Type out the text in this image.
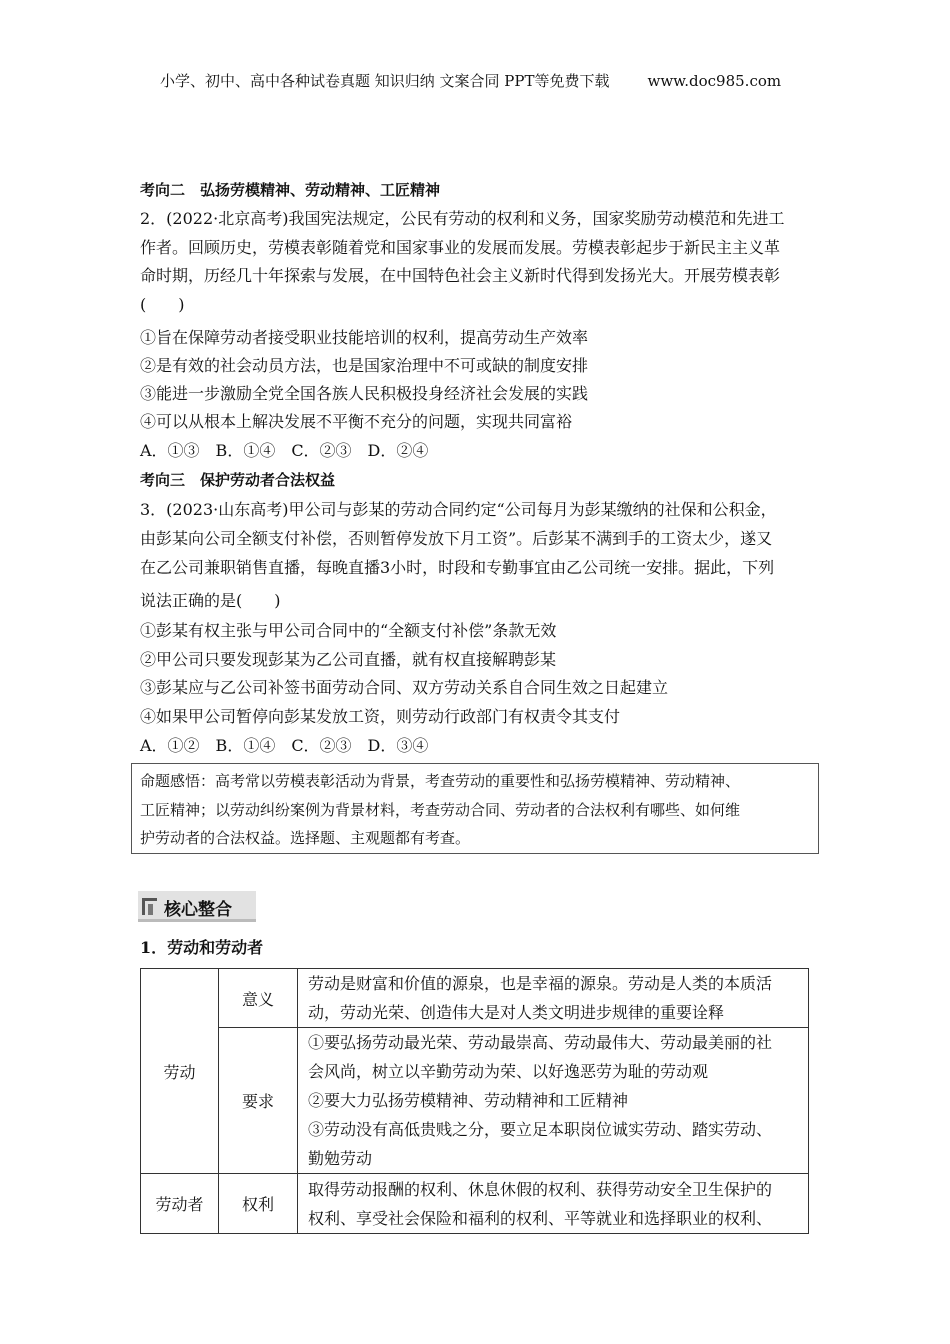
小学、初中、高中各种试卷真题 知识归纳 文案合同 PPT等免费下载	www.doc985.com
考向二　弘扬劳模精神、劳动精神、工匠精神
2．(2022·北京高考)我国宪法规定，公民有劳动的权利和义务，国家奖励劳动模范和先进工
作者。回顾历史，劳模表彰随着党和国家事业的发展而发展。劳模表彰起步于新民主主义革
命时期，历经几十年探索与发展，在中国特色社会主义新时代得到发扬光大。开展劳模表彰
(　　)
①旨在保障劳动者接受职业技能培训的权利，提高劳动生产效率
②是有效的社会动员方法，也是国家治理中不可或缺的制度安排
③能进一步激励全党全国各族人民积极投身经济社会发展的实践
④可以从根本上解决发展不平衡不充分的问题，实现共同富裕
A．①③　B．①④　C．②③　D．②④
考向三　保护劳动者合法权益
3．(2023·山东高考)甲公司与彭某的劳动合同约定“公司每月为彭某缴纳的社保和公积金，
由彭某向公司全额支付补偿，否则暂停发放下月工资”。后彭某不满到手的工资太少，遂又
在乙公司兼职销售直播，每晚直播3小时，时段和专勤事宜由乙公司统一安排。据此，下列
说法正确的是(　　)
①彭某有权主张与甲公司合同中的“全额支付补偿”条款无效
②甲公司只要发现彭某为乙公司直播，就有权直接解聘彭某
③彭某应与乙公司补签书面劳动合同、双方劳动关系自合同生效之日起建立
④如果甲公司暂停向彭某发放工资，则劳动行政部门有权责令其支付
A．①②　B．①④　C．②③　D．③④
命题感悟：高考常以劳模表彰活动为背景，考查劳动的重要性和弘扬劳模精神、劳动精神、
工匠精神；以劳动纠纷案例为背景材料，考查劳动合同、劳动者的合法权利有哪些、如何维
护劳动者的合法权益。选择题、主观题都有考查。
核心整合
1．劳动和劳动者
劳动	意义	劳动是财富和价值的源泉，也是幸福的源泉。劳动是人类的本质活
动，劳动光荣、创造伟大是对人类文明进步规律的重要诠释

	要求	①要弘扬劳动最光荣、劳动最崇高、劳动最伟大、劳动最美丽的社
会风尚，树立以辛勤劳动为荣、以好逸恶劳为耻的劳动观
②要大力弘扬劳模精神、劳动精神和工匠精神
③劳动没有高低贵贱之分，要立足本职岗位诚实劳动、踏实劳动、
勤勉劳动

劳动者	权利	取得劳动报酬的权利、休息休假的权利、获得劳动安全卫生保护的
权利、享受社会保险和福利的权利、平等就业和选择职业的权利、
